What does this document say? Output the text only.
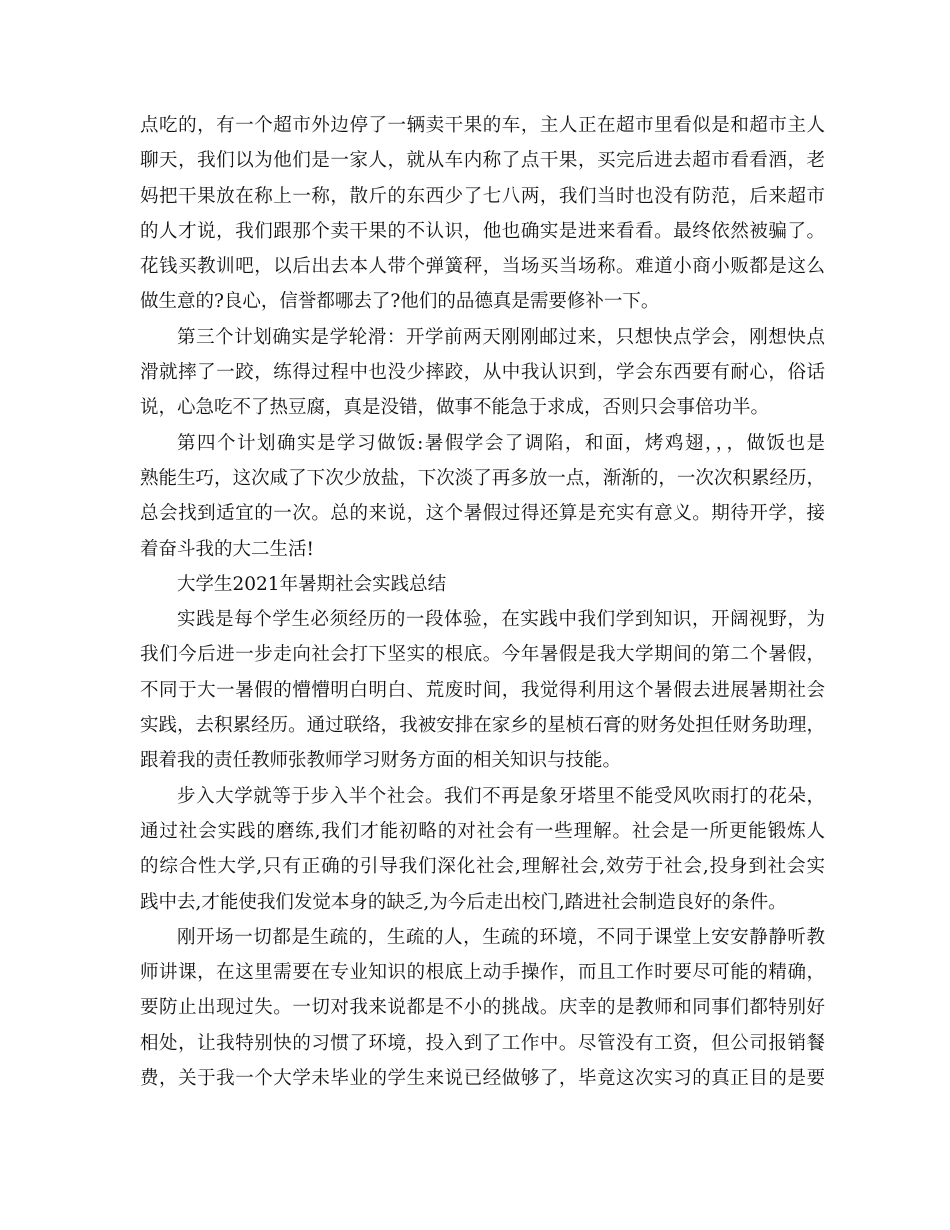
点吃的，有一个超市外边停了一辆卖干果的车，主人正在超市里看似是和超市主人
聊天，我们以为他们是一家人，就从车内称了点干果，买完后进去超市看看酒，老
妈把干果放在称上一称，散斤的东西少了七八两，我们当时也没有防范，后来超市
的人才说，我们跟那个卖干果的不认识，他也确实是进来看看。最终依然被骗了。
花钱买教训吧，以后出去本人带个弹簧秤，当场买当场称。难道小商小贩都是这么
做生意的?良心，信誉都哪去了?他们的品德真是需要修补一下。
第三个计划确实是学轮滑：开学前两天刚刚邮过来，只想快点学会，刚想快点
滑就摔了一跤，练得过程中也没少摔跤，从中我认识到，学会东西要有耐心，俗话
说，心急吃不了热豆腐，真是没错，做事不能急于求成，否则只会事倍功半。
第四个计划确实是学习做饭:暑假学会了调陷，和面，烤鸡翅，，，做饭也是
熟能生巧，这次咸了下次少放盐，下次淡了再多放一点，渐渐的，一次次积累经历，
总会找到适宜的一次。总的来说，这个暑假过得还算是充实有意义。期待开学，接
着奋斗我的大二生活!
大学生2021年暑期社会实践总结
实践是每个学生必须经历的一段体验，在实践中我们学到知识，开阔视野，为
我们今后进一步走向社会打下坚实的根底。今年暑假是我大学期间的第二个暑假，
不同于大一暑假的懵懵明白明白、荒废时间，我觉得利用这个暑假去进展暑期社会
实践，去积累经历。通过联络，我被安排在家乡的星桢石膏的财务处担任财务助理，
跟着我的责任教师张教师学习财务方面的相关知识与技能。
步入大学就等于步入半个社会。我们不再是象牙塔里不能受风吹雨打的花朵，
通过社会实践的磨练,我们才能初略的对社会有一些理解。社会是一所更能锻炼人
的综合性大学,只有正确的引导我们深化社会,理解社会,效劳于社会,投身到社会实
践中去,才能使我们发觉本身的缺乏,为今后走出校门,踏进社会制造良好的条件。
刚开场一切都是生疏的，生疏的人，生疏的环境，不同于课堂上安安静静听教
师讲课，在这里需要在专业知识的根底上动手操作，而且工作时要尽可能的精确，
要防止出现过失。一切对我来说都是不小的挑战。庆幸的是教师和同事们都特别好
相处，让我特别快的习惯了环境，投入到了工作中。尽管没有工资，但公司报销餐
费，关于我一个大学未毕业的学生来说已经做够了，毕竟这次实习的真正目的是要
